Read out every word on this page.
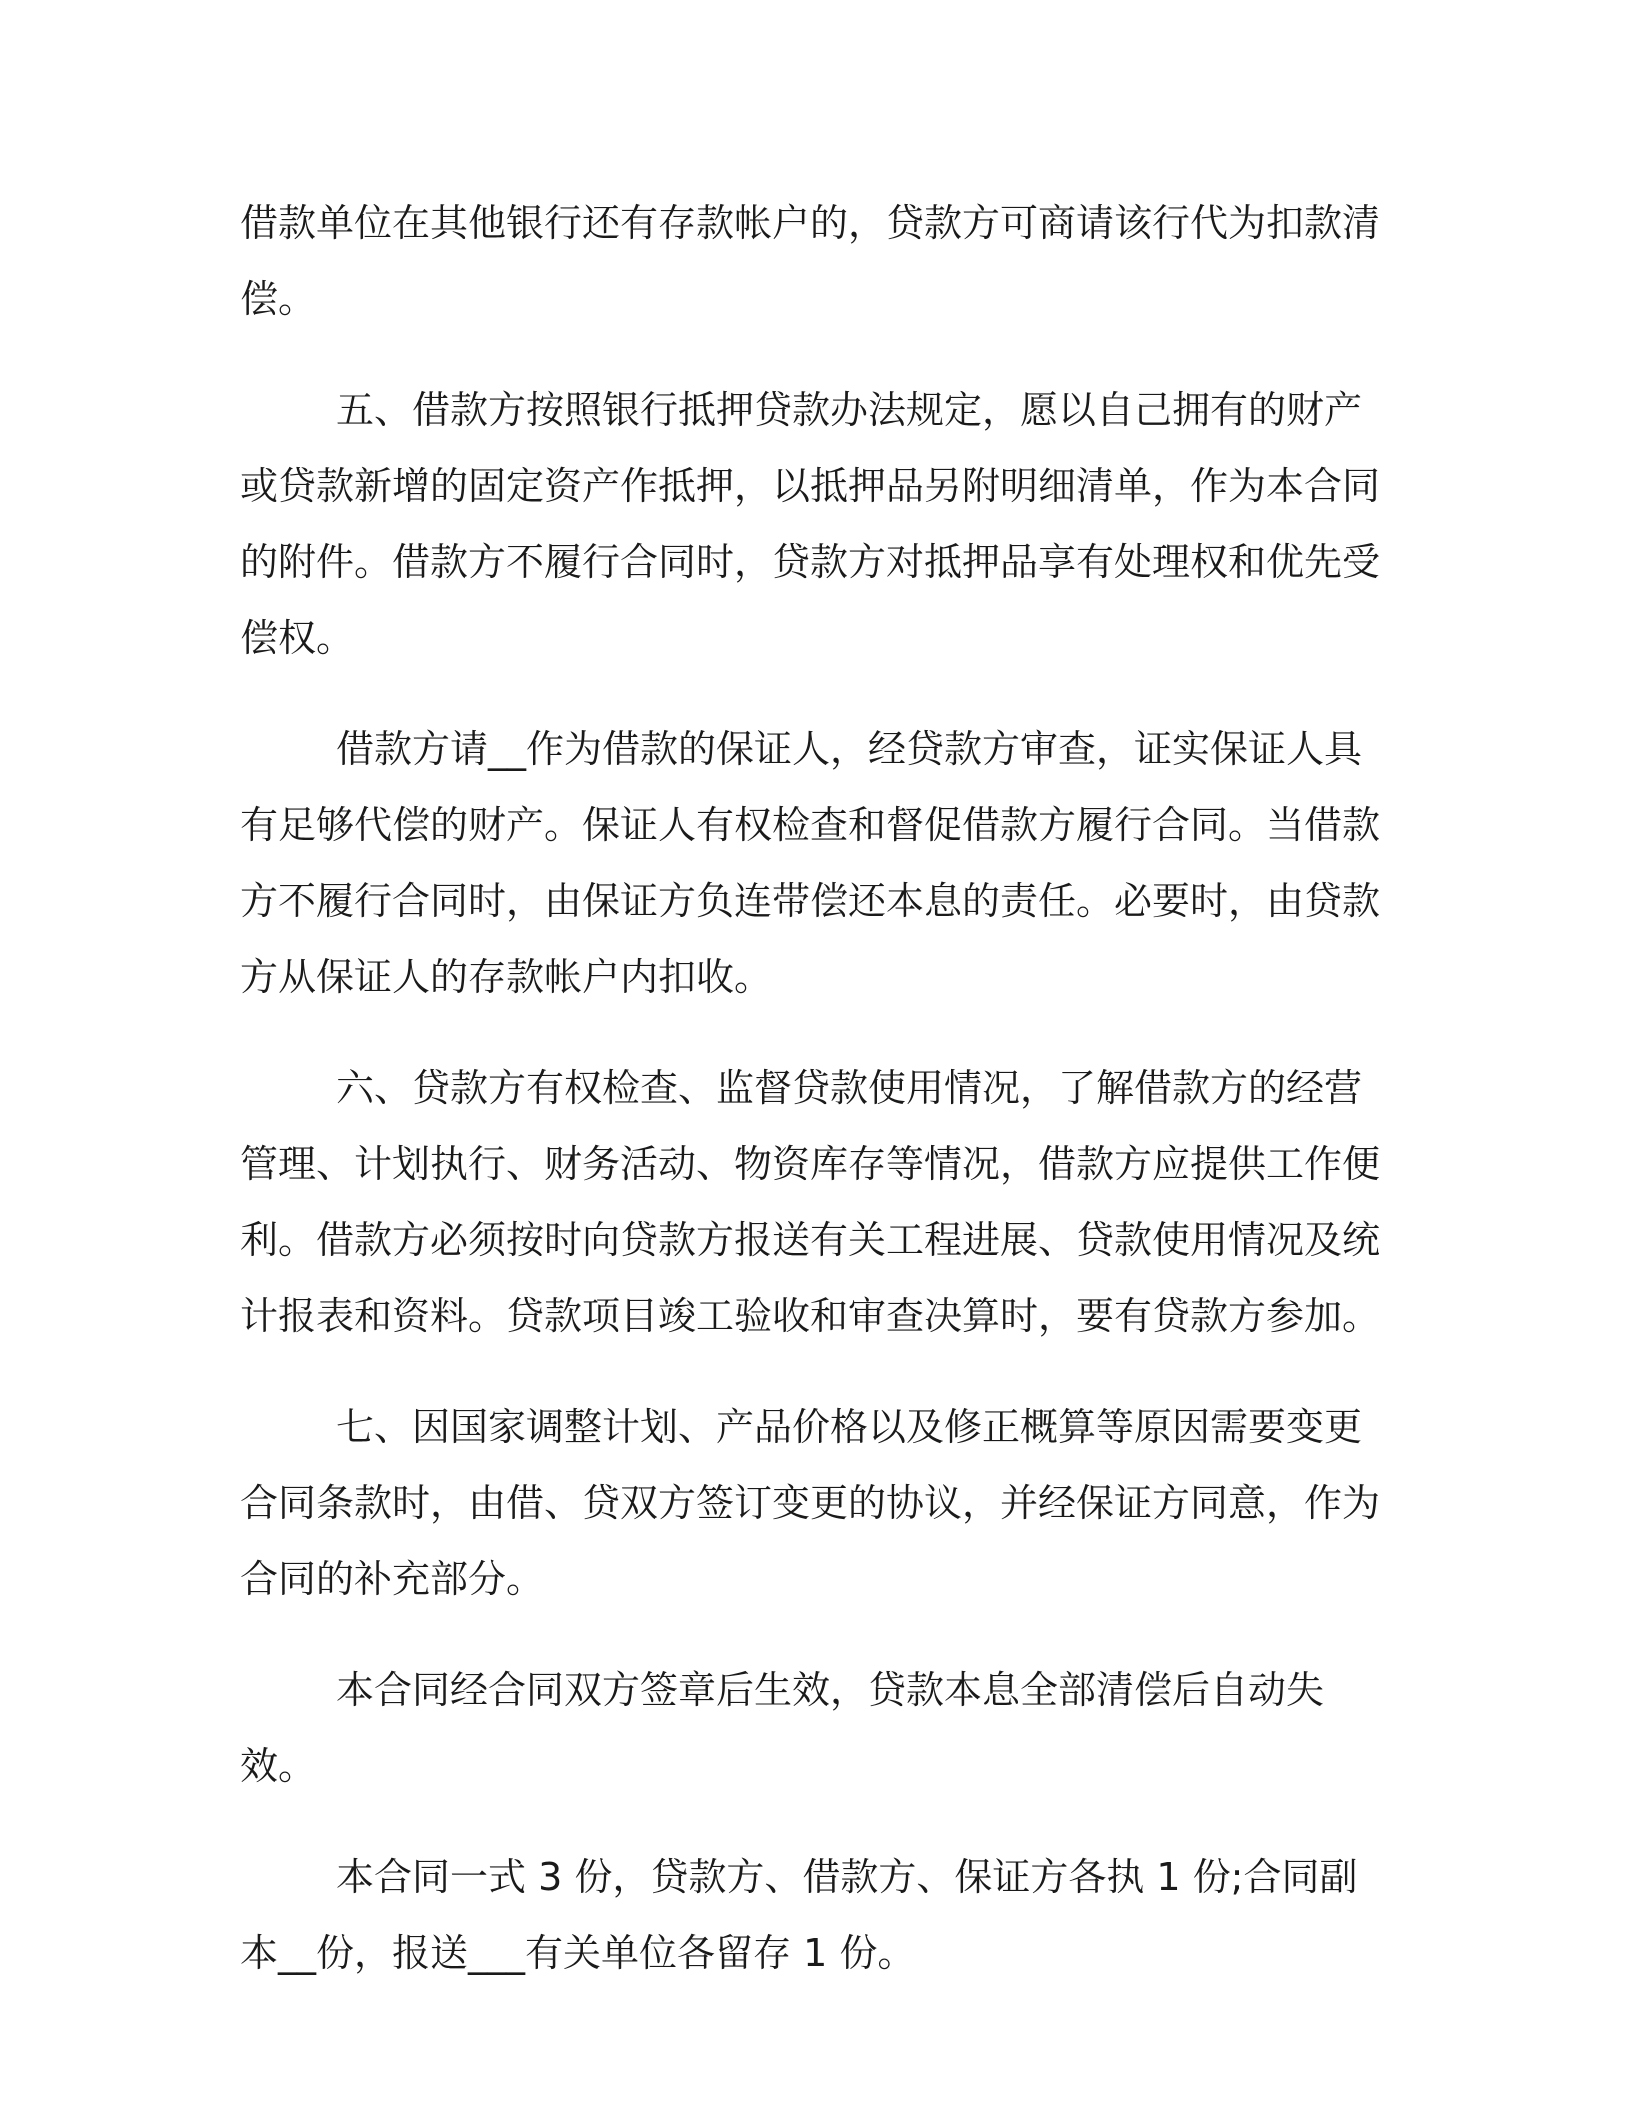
借款单位在其他银行还有存款帐户的，贷款方可商请该行代为扣款清偿。

五、借款方按照银行抵押贷款办法规定，愿以自己拥有的财产或贷款新增的固定资产作抵押，以抵押品另附明细清单，作为本合同的附件。借款方不履行合同时，贷款方对抵押品享有处理权和优先受偿权。

借款方请__作为借款的保证人，经贷款方审查，证实保证人具有足够代偿的财产。保证人有权检查和督促借款方履行合同。当借款方不履行合同时，由保证方负连带偿还本息的责任。必要时，由贷款方从保证人的存款帐户内扣收。

六、贷款方有权检查、监督贷款使用情况，了解借款方的经营管理、计划执行、财务活动、物资库存等情况，借款方应提供工作便利。借款方必须按时向贷款方报送有关工程进展、贷款使用情况及统计报表和资料。贷款项目竣工验收和审查决算时，要有贷款方参加。

七、因国家调整计划、产品价格以及修正概算等原因需要变更合同条款时，由借、贷双方签订变更的协议，并经保证方同意，作为合同的补充部分。

本合同经合同双方签章后生效，贷款本息全部清偿后自动失效。

本合同一式 3 份，贷款方、借款方、保证方各执 1 份;合同副本__份，报送___有关单位各留存 1 份。
